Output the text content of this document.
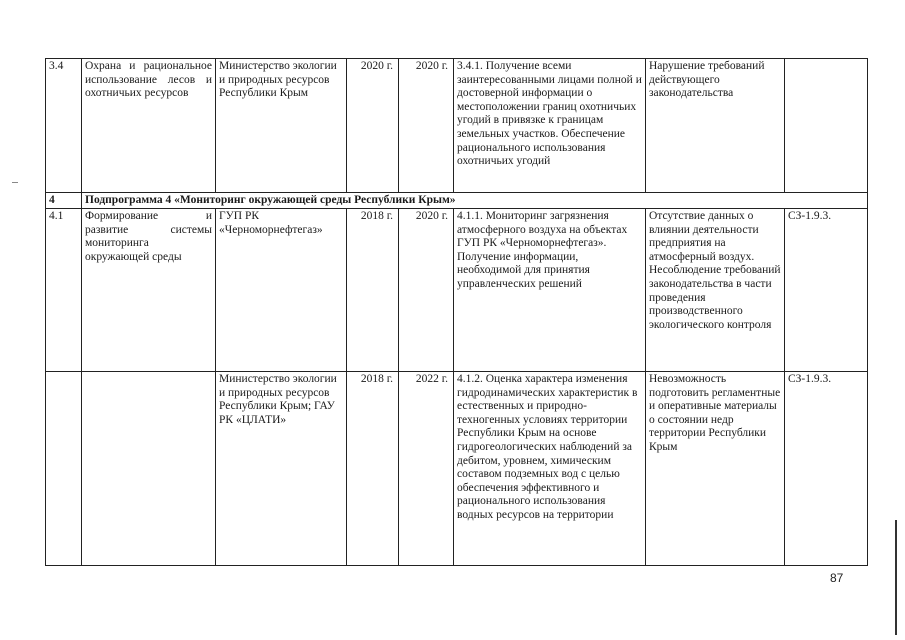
3.4	Охрана и рациональное использование лесов и охотничьих ресурсов	Министерство экологии и природных ресурсов Республики Крым	2020 г.	2020 г.	3.4.1. Получение всеми заинтересованными лицами полной и достоверной информации о местоположении границ охотничьих угодий в привязке к границам земельных участков. Обеспечение рационального использования охотничьих угодий	Нарушение требований действующего законодательства	
4	Подпрограмма 4 «Мониторинг окружающей среды Республики Крым»						
4.1	Формирование и развитие системы мониторинга окружающей среды	ГУП РК «Черноморнефтегаз»	2018 г.	2020 г.	4.1.1. Мониторинг загрязнения атмосферного воздуха на объектах ГУП РК «Черноморнефтегаз». Получение информации, необходимой для принятия управленческих решений	Отсутствие данных о влиянии деятельности предприятия на атмосферный воздух. Несоблюдение требований законодательства в части проведения производственного экологического контроля	СЗ-1.9.3.
		Министерство экологии и природных ресурсов Республики Крым; ГАУ РК «ЦЛАТИ»	2018 г.	2022 г.	4.1.2. Оценка характера изменения гидродинамических характеристик в естественных и природно-техногенных условиях территории Республики Крым на основе гидрогеологических наблюдений за дебитом, уровнем, химическим составом подземных вод с целью обеспечения эффективного и рационального использования водных ресурсов на территории	Невозможность подготовить регламентные и оперативные материалы о состоянии недр территории Республики Крым	СЗ-1.9.3.
87
